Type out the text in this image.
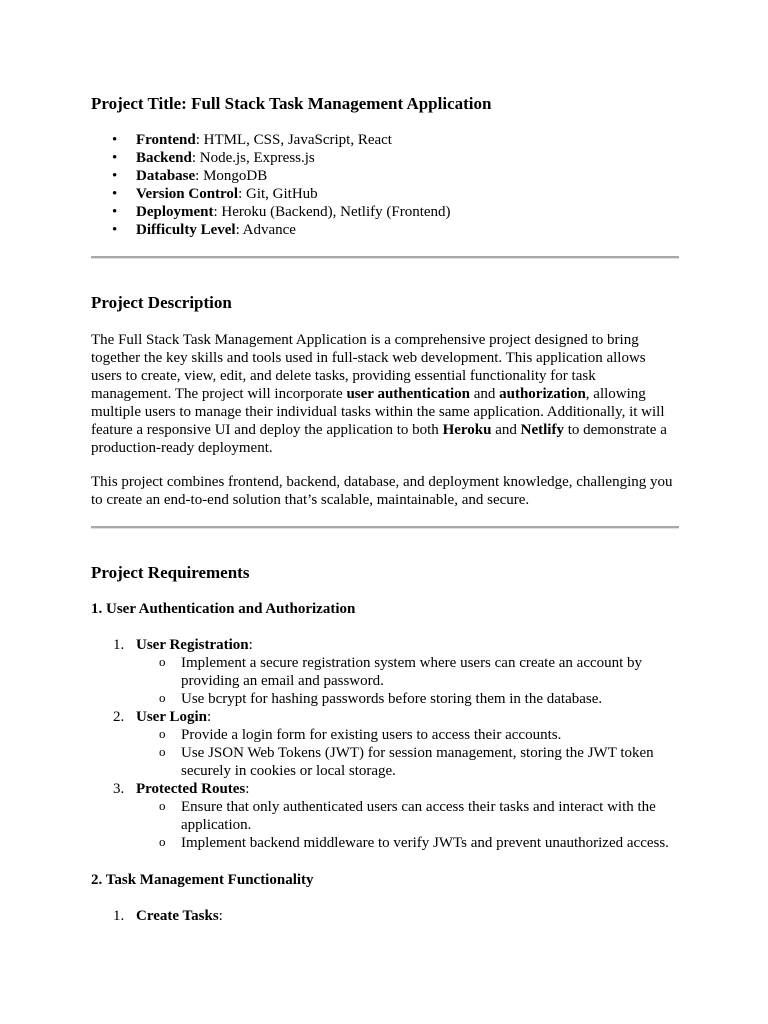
Project Title: Full Stack Task Management Application
• Frontend: HTML, CSS, JavaScript, React
• Backend: Node.js, Express.js
• Database: MongoDB
• Version Control: Git, GitHub
• Deployment: Heroku (Backend), Netlify (Frontend)
• Difficulty Level: Advance
Project Description

The Full Stack Task Management Application is a comprehensive project designed to bring together the key skills and tools used in full-stack web development. This application allows users to create, view, edit, and delete tasks, providing essential functionality for task management. The project will incorporate user authentication and authorization, allowing multiple users to manage their individual tasks within the same application. Additionally, it will feature a responsive UI and deploy the application to both Heroku and Netlify to demonstrate a production-ready deployment.

This project combines frontend, backend, database, and deployment knowledge, challenging you to create an end-to-end solution that’s scalable, maintainable, and secure.

Project Requirements
1. User Authentication and Authorization
1. User Registration:
o Implement a secure registration system where users can create an account by providing an email and password.
o Use bcrypt for hashing passwords before storing them in the database.
2. User Login:
o Provide a login form for existing users to access their accounts.
o Use JSON Web Tokens (JWT) for session management, storing the JWT token securely in cookies or local storage.
3. Protected Routes:
o Ensure that only authenticated users can access their tasks and interact with the application.
o Implement backend middleware to verify JWTs and prevent unauthorized access.
2. Task Management Functionality
1. Create Tasks:
